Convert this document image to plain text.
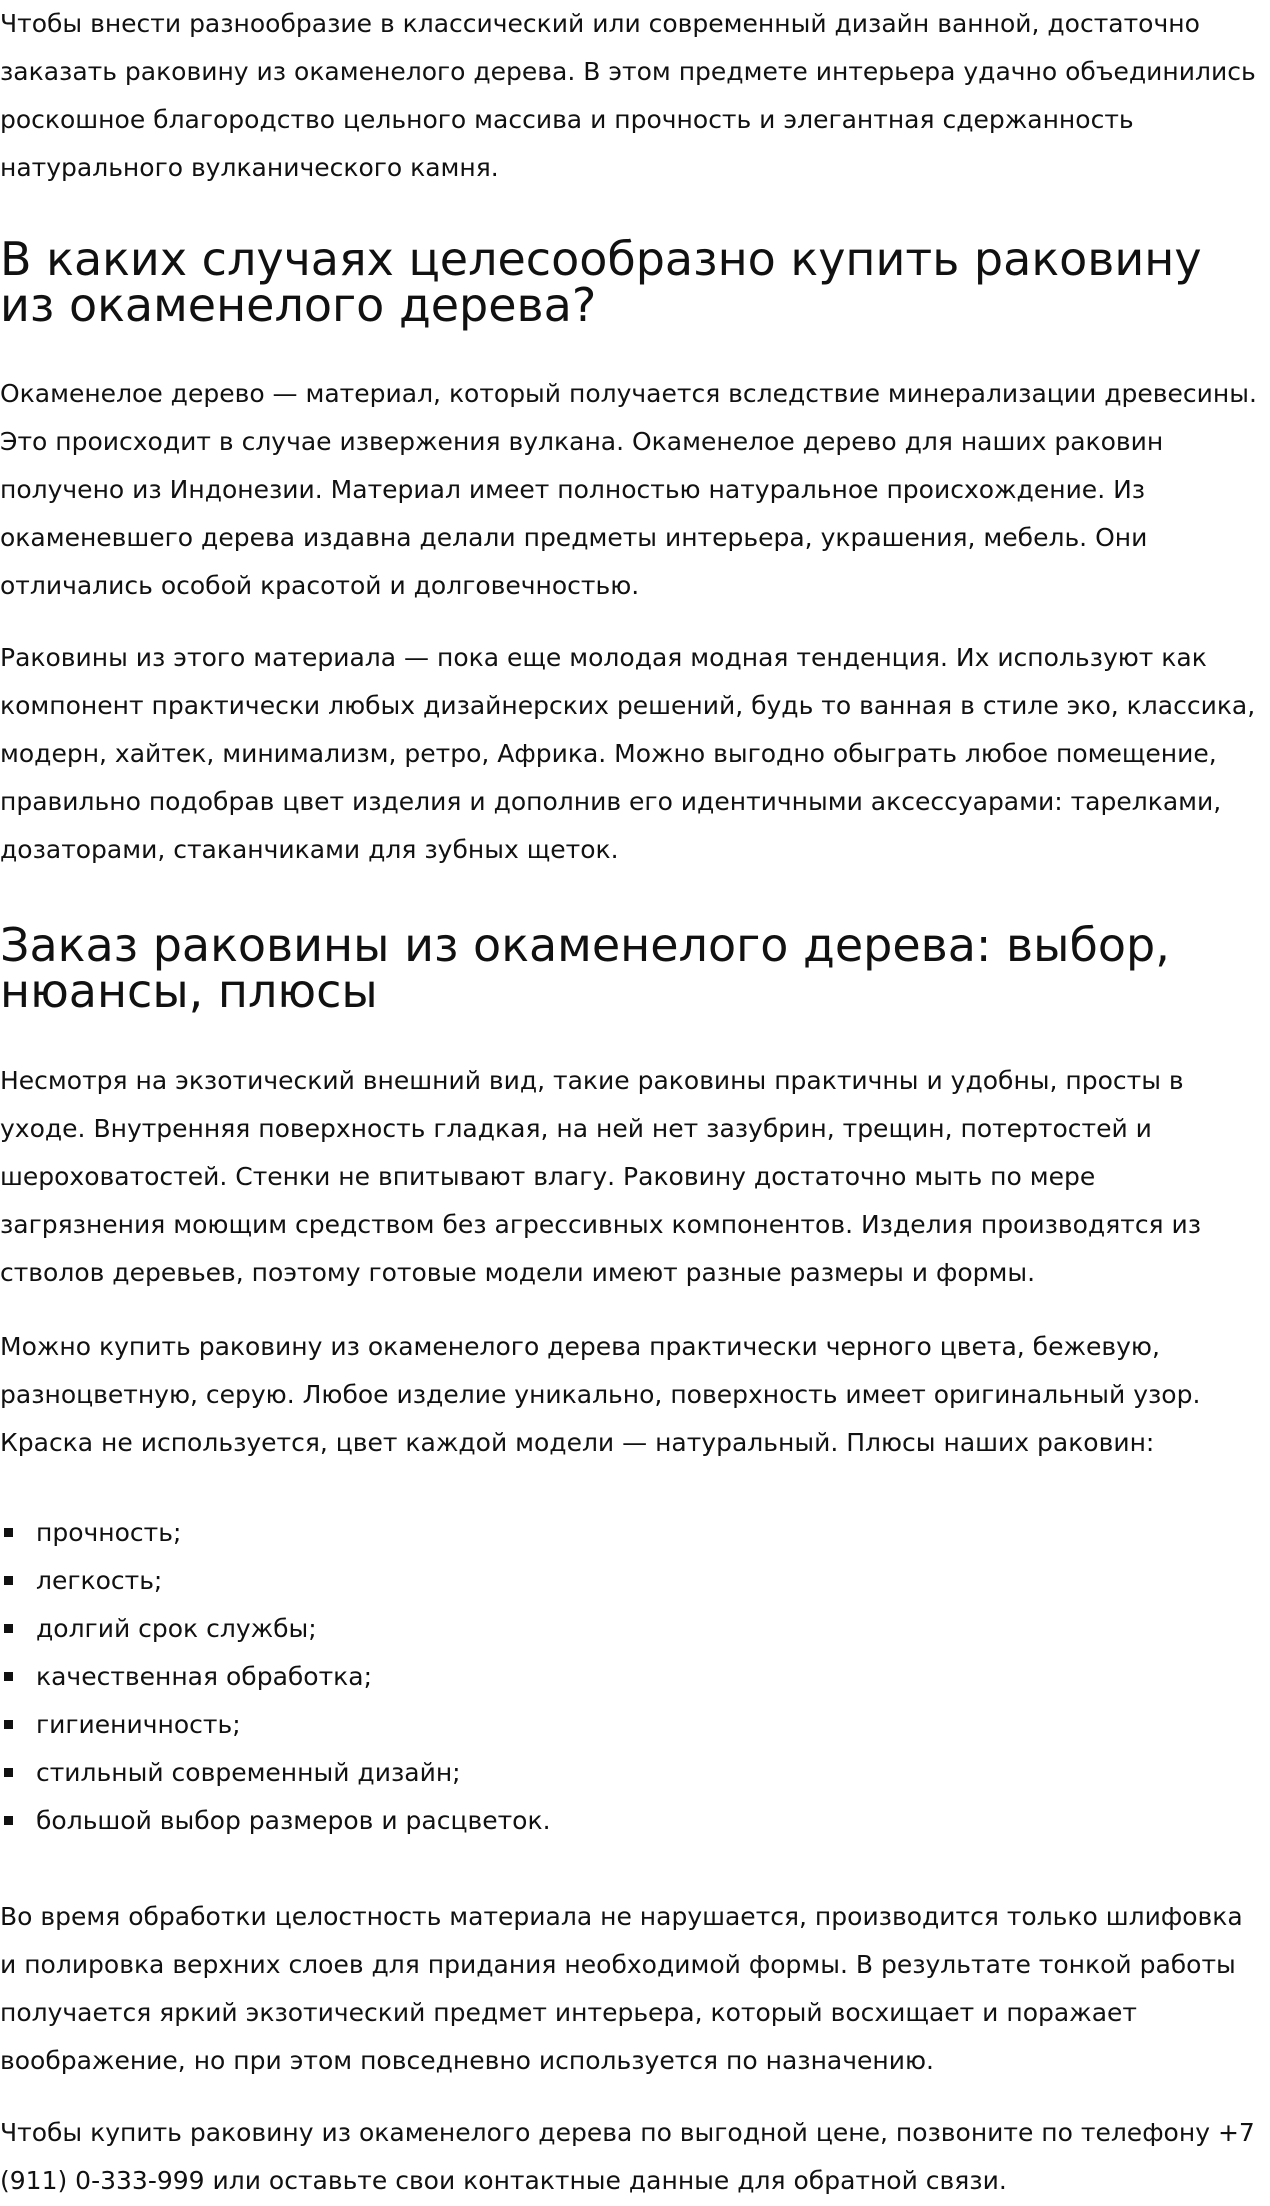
Чтобы внести разнообразие в классический или современный дизайн ванной, достаточно заказать раковину из окаменелого дерева. В этом предмете интерьера удачно объединились роскошное благородство цельного массива и прочность и элегантная сдержанность натурального вулканического камня.

В каких случаях целесообразно купить раковину из окаменелого дерева?

Окаменелое дерево — материал, который получается вследствие минерализации древесины. Это происходит в случае извержения вулкана. Окаменелое дерево для наших раковин получено из Индонезии. Материал имеет полностью натуральное происхождение. Из окаменевшего дерева издавна делали предметы интерьера, украшения, мебель. Они отличались особой красотой и долговечностью.

Раковины из этого материала — пока еще молодая модная тенденция. Их используют как компонент практически любых дизайнерских решений, будь то ванная в стиле эко, классика, модерн, хайтек, минимализм, ретро, Африка. Можно выгодно обыграть любое помещение, правильно подобрав цвет изделия и дополнив его идентичными аксессуарами: тарелками, дозаторами, стаканчиками для зубных щеток.

Заказ раковины из окаменелого дерева: выбор, нюансы, плюсы

Несмотря на экзотический внешний вид, такие раковины практичны и удобны, просты в уходе. Внутренняя поверхность гладкая, на ней нет зазубрин, трещин, потертостей и шероховатостей. Стенки не впитывают влагу. Раковину достаточно мыть по мере загрязнения моющим средством без агрессивных компонентов. Изделия производятся из стволов деревьев, поэтому готовые модели имеют разные размеры и формы.

Можно купить раковину из окаменелого дерева практически черного цвета, бежевую, разноцветную, серую. Любое изделие уникально, поверхность имеет оригинальный узор. Краска не используется, цвет каждой модели — натуральный. Плюсы наших раковин:

прочность;
легкость;
долгий срок службы;
качественная обработка;
гигиеничность;
стильный современный дизайн;
большой выбор размеров и расцветок.

Во время обработки целостность материала не нарушается, производится только шлифовка и полировка верхних слоев для придания необходимой формы. В результате тонкой работы получается яркий экзотический предмет интерьера, который восхищает и поражает воображение, но при этом повседневно используется по назначению.

Чтобы купить раковину из окаменелого дерева по выгодной цене, позвоните по телефону +7 (911) 0-333-999 или оставьте свои контактные данные для обратной связи.
